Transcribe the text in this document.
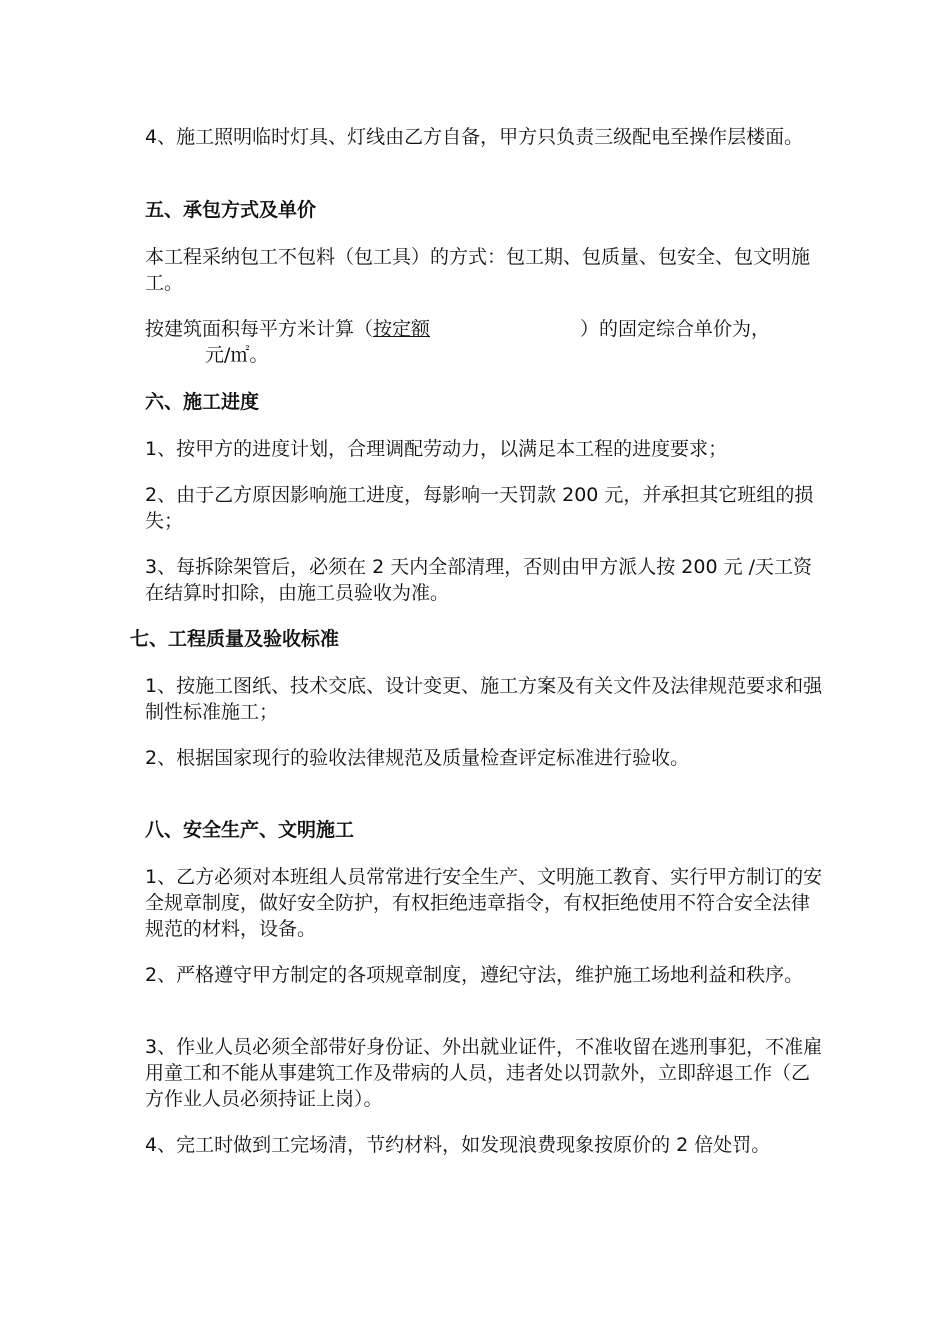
4、施工照明临时灯具、灯线由乙方自备，甲方只负责三级配电至操作层楼面。

五、承包方式及单价

本工程采纳包工不包料（包工具）的方式：包工期、包质量、包安全、包文明施工。

按建筑面积每平方米计算（按定额	）的固定综合单价为，元/㎡。

六、施工进度

1、按甲方的进度计划，合理调配劳动力，以满足本工程的进度要求；

2、由于乙方原因影响施工进度，每影响一天罚款 200 元，并承担其它班组的损失；

3、每拆除架管后，必须在 2 天内全部清理，否则由甲方派人按 200 元 /天工资在结算时扣除，由施工员验收为准。

七、工程质量及验收标准

1、按施工图纸、技术交底、设计变更、施工方案及有关文件及法律规范要求和强制性标准施工；

2、根据国家现行的验收法律规范及质量检查评定标准进行验收。

八、安全生产、文明施工

1、乙方必须对本班组人员常常进行安全生产、文明施工教育、实行甲方制订的安全规章制度，做好安全防护，有权拒绝违章指令，有权拒绝使用不符合安全法律规范的材料，设备。

2、严格遵守甲方制定的各项规章制度，遵纪守法，维护施工场地利益和秩序。

3、作业人员必须全部带好身份证、外出就业证件，不准收留在逃刑事犯，不准雇用童工和不能从事建筑工作及带病的人员，违者处以罚款外，立即辞退工作（乙方作业人员必须持证上岗）。

4、完工时做到工完场清，节约材料，如发现浪费现象按原价的 2 倍处罚。
